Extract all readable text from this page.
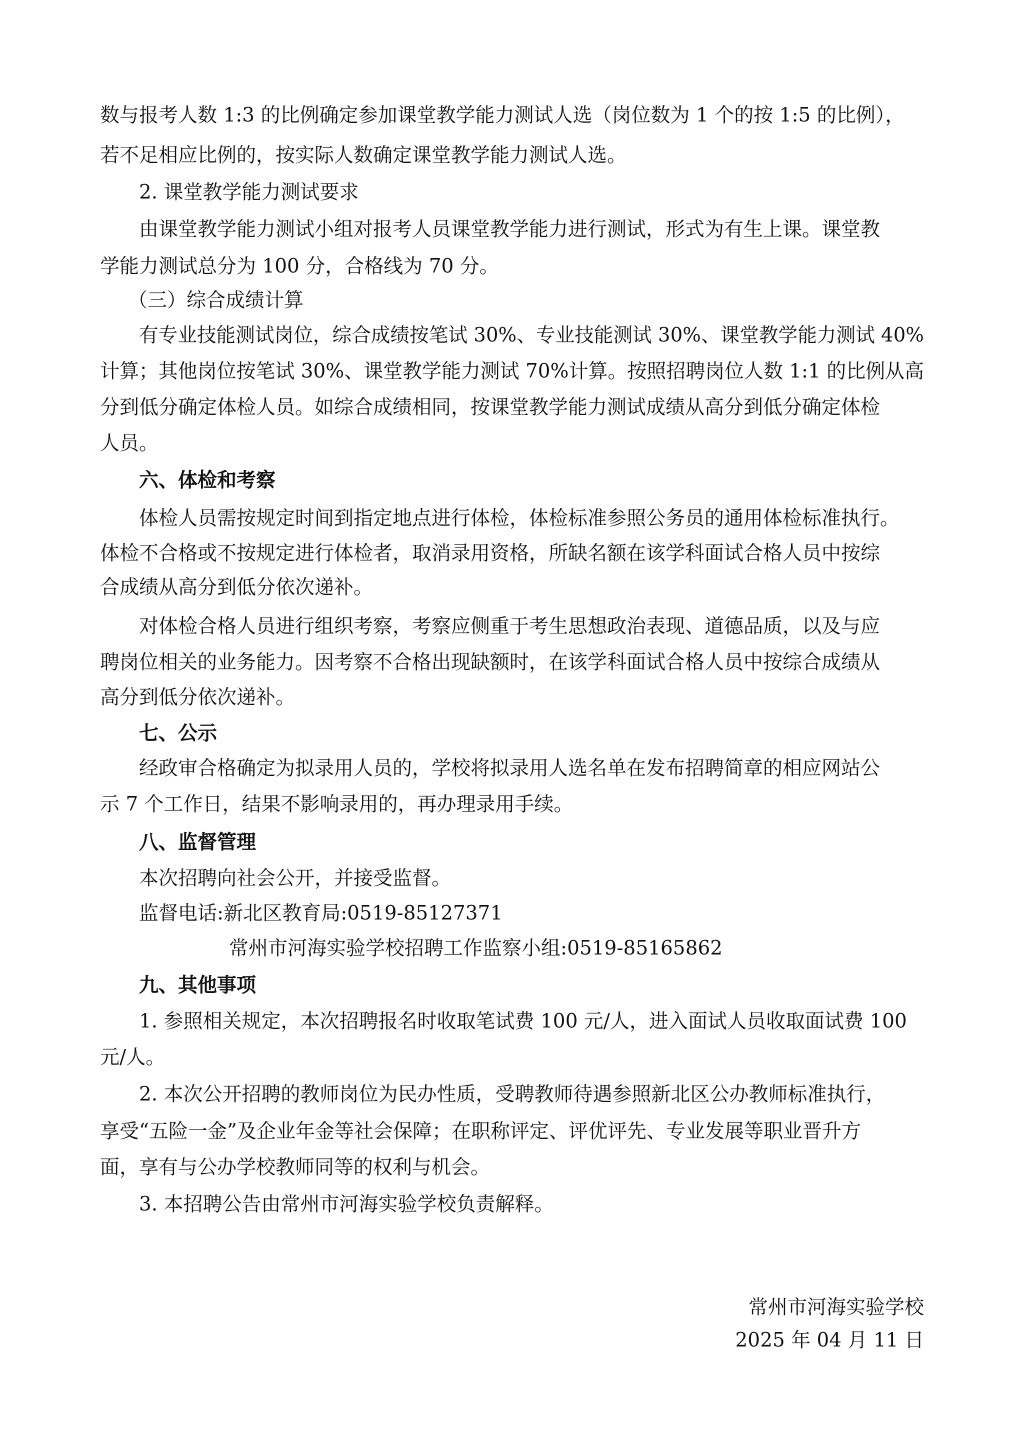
数与报考人数 1:3 的比例确定参加课堂教学能力测试人选（岗位数为 1 个的按 1:5 的比例），
若不足相应比例的，按实际人数确定课堂教学能力测试人选。
2. 课堂教学能力测试要求
由课堂教学能力测试小组对报考人员课堂教学能力进行测试，形式为有生上课。课堂教
学能力测试总分为 100 分，合格线为 70 分。
（三）综合成绩计算
有专业技能测试岗位，综合成绩按笔试 30%、专业技能测试 30%、课堂教学能力测试 40%
计算；其他岗位按笔试 30%、课堂教学能力测试 70%计算。按照招聘岗位人数 1:1 的比例从高
分到低分确定体检人员。如综合成绩相同，按课堂教学能力测试成绩从高分到低分确定体检
人员。
六、体检和考察
体检人员需按规定时间到指定地点进行体检，体检标准参照公务员的通用体检标准执行。
体检不合格或不按规定进行体检者，取消录用资格，所缺名额在该学科面试合格人员中按综
合成绩从高分到低分依次递补。
对体检合格人员进行组织考察，考察应侧重于考生思想政治表现、道德品质，以及与应
聘岗位相关的业务能力。因考察不合格出现缺额时，在该学科面试合格人员中按综合成绩从
高分到低分依次递补。
七、公示
经政审合格确定为拟录用人员的，学校将拟录用人选名单在发布招聘简章的相应网站公
示 7 个工作日，结果不影响录用的，再办理录用手续。
八、监督管理
本次招聘向社会公开，并接受监督。
监督电话:新北区教育局:0519-85127371
常州市河海实验学校招聘工作监察小组:0519-85165862
九、其他事项
1. 参照相关规定，本次招聘报名时收取笔试费 100 元/人，进入面试人员收取面试费 100
元/人。
2. 本次公开招聘的教师岗位为民办性质，受聘教师待遇参照新北区公办教师标准执行，
享受“五险一金”及企业年金等社会保障；在职称评定、评优评先、专业发展等职业晋升方
面，享有与公办学校教师同等的权利与机会。
3. 本招聘公告由常州市河海实验学校负责解释。
常州市河海实验学校
2025 年 04 月 11 日
